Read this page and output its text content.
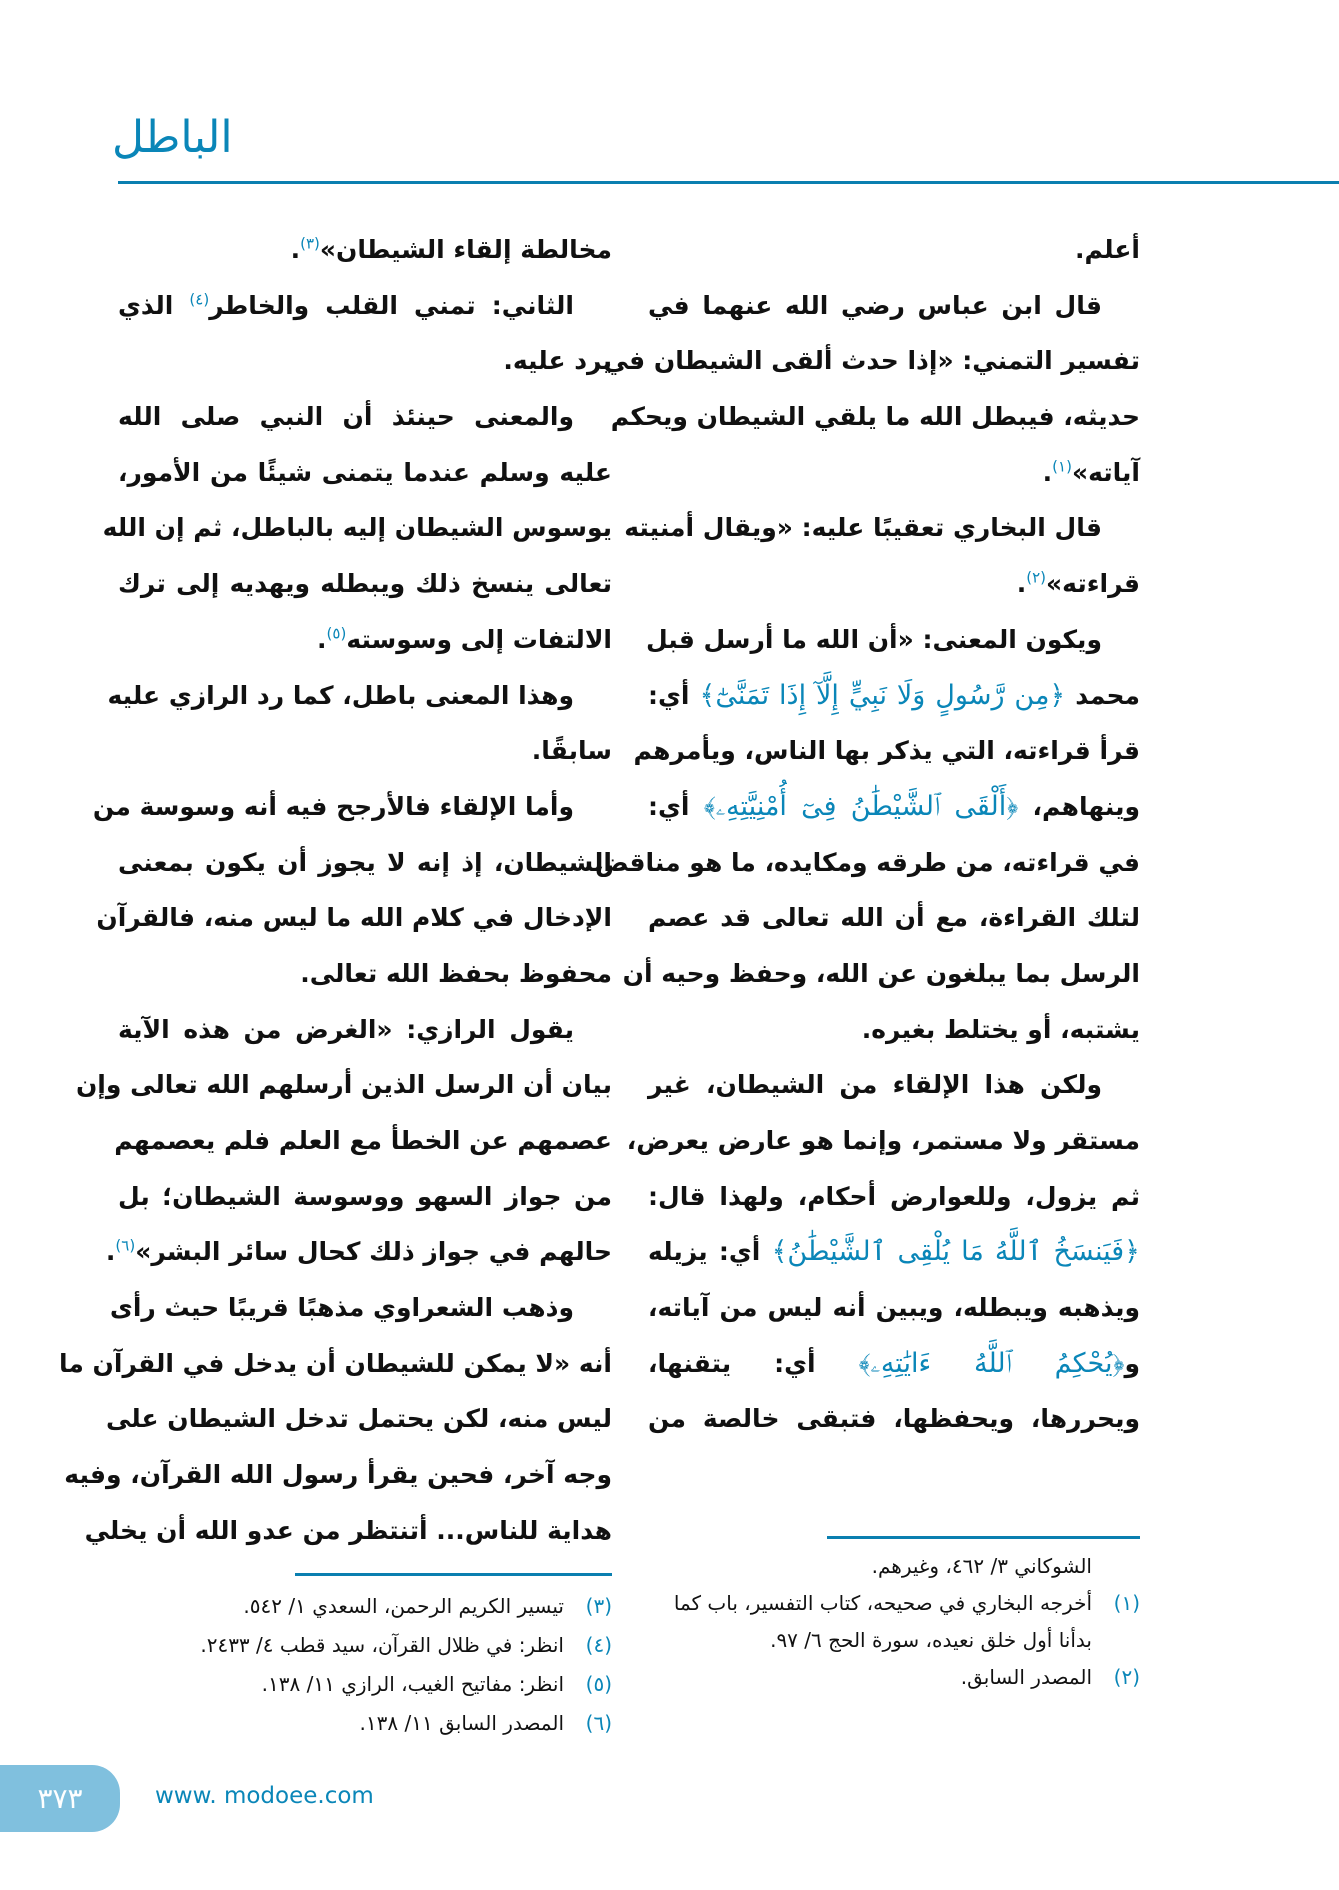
الباطل
أعلم.
قال ابن عباس رضي الله عنهما في
تفسير التمني: «إذا حدث ألقى الشيطان في
حديثه، فيبطل الله ما يلقي الشيطان ويحكم
آياته»$^{(١)}$.
قال البخاري تعقيبًا عليه: «ويقال أمنيته
قراءته»$^{(٢)}$.
ويكون المعنى: «أن الله ما أرسل قبل
محمد ﴿مِن رَّسُولٍ وَلَا نَبِيٍّ إِلَّآ إِذَا تَمَنَّىٰٓ﴾ أي:
قرأ قراءته، التي يذكر بها الناس، ويأمرهم
وينهاهم، ﴿أَلْقَى ٱلشَّيْطَٰنُ فِىٓ أُمْنِيَّتِهِۦ﴾ أي:
في قراءته، من طرقه ومكايده، ما هو مناقض
لتلك القراءة، مع أن الله تعالى قد عصم
الرسل بما يبلغون عن الله، وحفظ وحيه أن
يشتبه، أو يختلط بغيره.
ولكن هذا الإلقاء من الشيطان، غير
مستقر ولا مستمر، وإنما هو عارض يعرض،
ثم يزول، وللعوارض أحكام، ولهذا قال:
﴿فَيَنسَخُ ٱللَّهُ مَا يُلْقِى ٱلشَّيْطَٰنُ﴾ أي: يزيله
ويذهبه ويبطله، ويبين أنه ليس من آياته،
و﴿يُحْكِمُ ٱللَّهُ ءَايَٰتِهِۦ﴾ أي: يتقنها،
ويحررها، ويحفظها، فتبقى خالصة من
مخالطة إلقاء الشيطان»$^{(٣)}$.
الثاني: تمني القلب والخاطر$^{(٤)}$ الذي
يرد عليه.
والمعنى حينئذ أن النبي صلى الله
عليه وسلم عندما يتمنى شيئًا من الأمور،
يوسوس الشيطان إليه بالباطل، ثم إن الله
تعالى ينسخ ذلك ويبطله ويهديه إلى ترك
الالتفات إلى وسوسته$^{(٥)}$.
وهذا المعنى باطل، كما رد الرازي عليه
سابقًا.
وأما الإلقاء فالأرجح فيه أنه وسوسة من
الشيطان، إذ إنه لا يجوز أن يكون بمعنى
الإدخال في كلام الله ما ليس منه، فالقرآن
محفوظ بحفظ الله تعالى.
يقول الرازي: «الغرض من هذه الآية
بيان أن الرسل الذين أرسلهم الله تعالى وإن
عصمهم عن الخطأ مع العلم فلم يعصمهم
من جواز السهو ووسوسة الشيطان؛ بل
حالهم في جواز ذلك كحال سائر البشر»$^{(٦)}$.
وذهب الشعراوي مذهبًا قريبًا حيث رأى
أنه «لا يمكن للشيطان أن يدخل في القرآن ما
ليس منه، لكن يحتمل تدخل الشيطان على
وجه آخر، فحين يقرأ رسول الله القرآن، وفيه
هداية للناس... أتنتظر من عدو الله أن يخلي
الشوكاني ٣/ ٤٦٢، وغيرهم.
(١)
أخرجه البخاري في صحيحه، كتاب التفسير، باب كما بدأنا أول خلق نعيده، سورة الحج ٦/ ٩٧.
(٢)
المصدر السابق.
(٣)
تيسير الكريم الرحمن، السعدي ١/ ٥٤٢.
(٤)
انظر: في ظلال القرآن، سيد قطب ٤/ ٢٤٣٣.
(٥)
انظر: مفاتيح الغيب، الرازي ١١/ ١٣٨.
(٦)
المصدر السابق ١١/ ١٣٨.
٣٧٣	www. modoee.com
